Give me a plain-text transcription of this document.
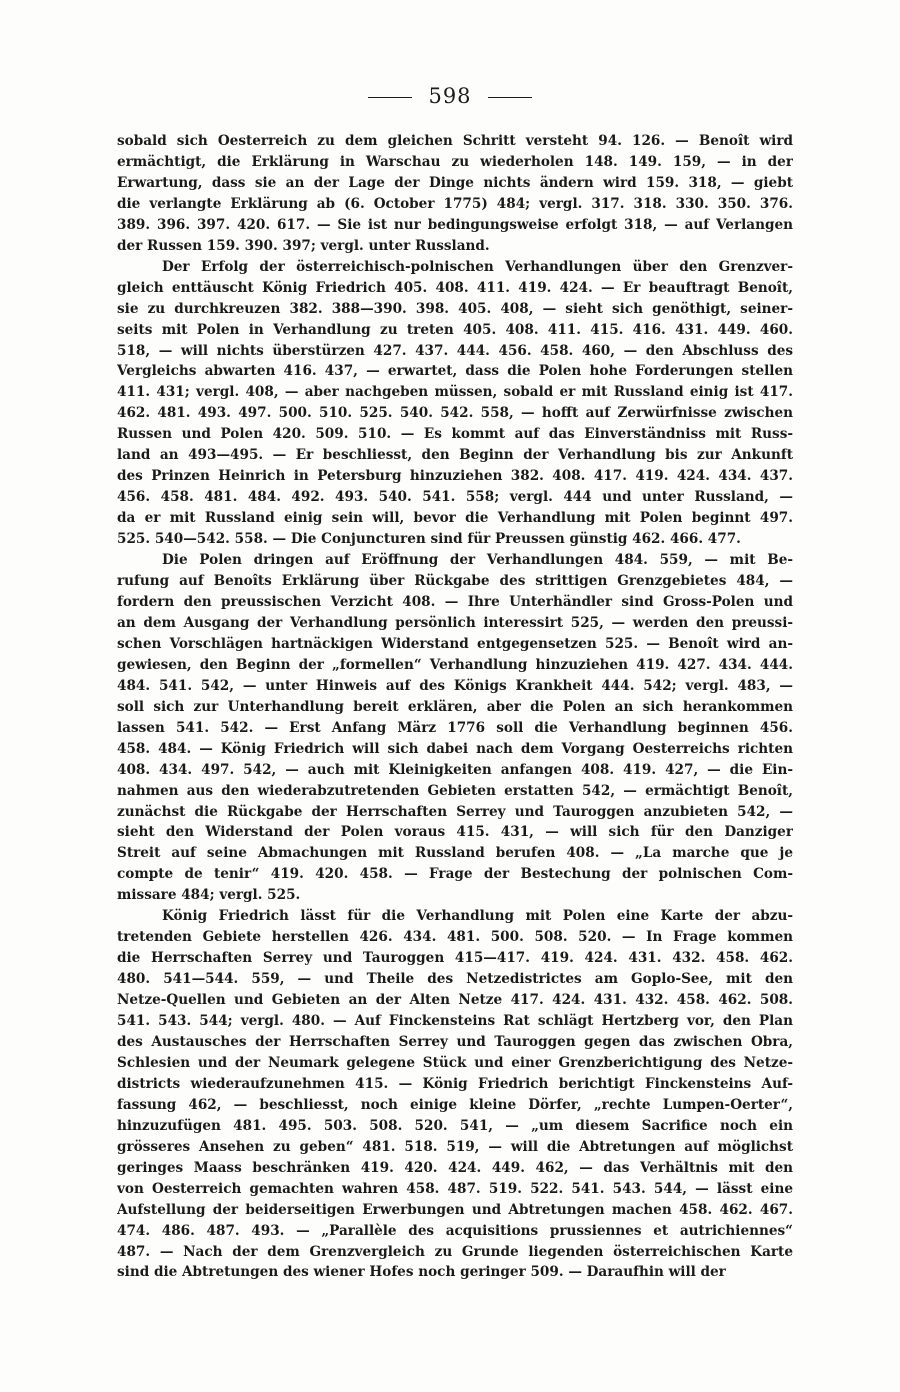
598
sobald sich Oesterreich zu dem gleichen Schritt versteht 94. 126. — Benoît wird
ermächtigt, die Erklärung in Warschau zu wiederholen 148. 149. 159, — in der
Erwartung, dass sie an der Lage der Dinge nichts ändern wird 159. 318, — giebt
die verlangte Erklärung ab (6. October 1775) 484; vergl. 317. 318. 330. 350. 376.
389. 396. 397. 420. 617. — Sie ist nur bedingungsweise erfolgt 318, — auf Verlangen
der Russen 159. 390. 397; vergl. unter Russland.
Der Erfolg der österreichisch-polnischen Verhandlungen über den Grenzver-
gleich enttäuscht König Friedrich 405. 408. 411. 419. 424. — Er beauftragt Benoît,
sie zu durchkreuzen 382. 388—390. 398. 405. 408, — sieht sich genöthigt, seiner-
seits mit Polen in Verhandlung zu treten 405. 408. 411. 415. 416. 431. 449. 460.
518, — will nichts überstürzen 427. 437. 444. 456. 458. 460, — den Abschluss des
Vergleichs abwarten 416. 437, — erwartet, dass die Polen hohe Forderungen stellen
411. 431; vergl. 408, — aber nachgeben müssen, sobald er mit Russland einig ist 417.
462. 481. 493. 497. 500. 510. 525. 540. 542. 558, — hofft auf Zerwürfnisse zwischen
Russen und Polen 420. 509. 510. — Es kommt auf das Einverständniss mit Russ-
land an 493—495. — Er beschliesst, den Beginn der Verhandlung bis zur Ankunft
des Prinzen Heinrich in Petersburg hinzuziehen 382. 408. 417. 419. 424. 434. 437.
456. 458. 481. 484. 492. 493. 540. 541. 558; vergl. 444 und unter Russland, —
da er mit Russland einig sein will, bevor die Verhandlung mit Polen beginnt 497.
525. 540—542. 558. — Die Conjuncturen sind für Preussen günstig 462. 466. 477.
Die Polen dringen auf Eröffnung der Verhandlungen 484. 559, — mit Be-
rufung auf Benoîts Erklärung über Rückgabe des strittigen Grenzgebietes 484, —
fordern den preussischen Verzicht 408. — Ihre Unterhändler sind Gross-Polen und
an dem Ausgang der Verhandlung persönlich interessirt 525, — werden den preussi-
schen Vorschlägen hartnäckigen Widerstand entgegensetzen 525. — Benoît wird an-
gewiesen, den Beginn der „formellen“ Verhandlung hinzuziehen 419. 427. 434. 444.
484. 541. 542, — unter Hinweis auf des Königs Krankheit 444. 542; vergl. 483, —
soll sich zur Unterhandlung bereit erklären, aber die Polen an sich herankommen
lassen 541. 542. — Erst Anfang März 1776 soll die Verhandlung beginnen 456.
458. 484. — König Friedrich will sich dabei nach dem Vorgang Oesterreichs richten
408. 434. 497. 542, — auch mit Kleinigkeiten anfangen 408. 419. 427, — die Ein-
nahmen aus den wiederabzutretenden Gebieten erstatten 542, — ermächtigt Benoît,
zunächst die Rückgabe der Herrschaften Serrey und Tauroggen anzubieten 542, —
sieht den Widerstand der Polen voraus 415. 431, — will sich für den Danziger
Streit auf seine Abmachungen mit Russland berufen 408. — „La marche que je
compte de tenir“ 419. 420. 458. — Frage der Bestechung der polnischen Com-
missare 484; vergl. 525.
König Friedrich lässt für die Verhandlung mit Polen eine Karte der abzu-
tretenden Gebiete herstellen 426. 434. 481. 500. 508. 520. — In Frage kommen
die Herrschaften Serrey und Tauroggen 415—417. 419. 424. 431. 432. 458. 462.
480. 541—544. 559, — und Theile des Netzedistrictes am Goplo-See, mit den
Netze-Quellen und Gebieten an der Alten Netze 417. 424. 431. 432. 458. 462. 508.
541. 543. 544; vergl. 480. — Auf Finckensteins Rat schlägt Hertzberg vor, den Plan
des Austausches der Herrschaften Serrey und Tauroggen gegen das zwischen Obra,
Schlesien und der Neumark gelegene Stück und einer Grenzberichtigung des Netze-
districts wiederaufzunehmen 415. — König Friedrich berichtigt Finckensteins Auf-
fassung 462, — beschliesst, noch einige kleine Dörfer, „rechte Lumpen-Oerter“,
hinzuzufügen 481. 495. 503. 508. 520. 541, — „um diesem Sacrifice noch ein
grösseres Ansehen zu geben“ 481. 518. 519, — will die Abtretungen auf möglichst
geringes Maass beschränken 419. 420. 424. 449. 462, — das Verhältnis mit den
von Oesterreich gemachten wahren 458. 487. 519. 522. 541. 543. 544, — lässt eine
Aufstellung der beiderseitigen Erwerbungen und Abtretungen machen 458. 462. 467.
474. 486. 487. 493. — „Parallèle des acquisitions prussiennes et autrichiennes“
487. — Nach der dem Grenzvergleich zu Grunde liegenden österreichischen Karte
sind die Abtretungen des wiener Hofes noch geringer 509. — Daraufhin will der
